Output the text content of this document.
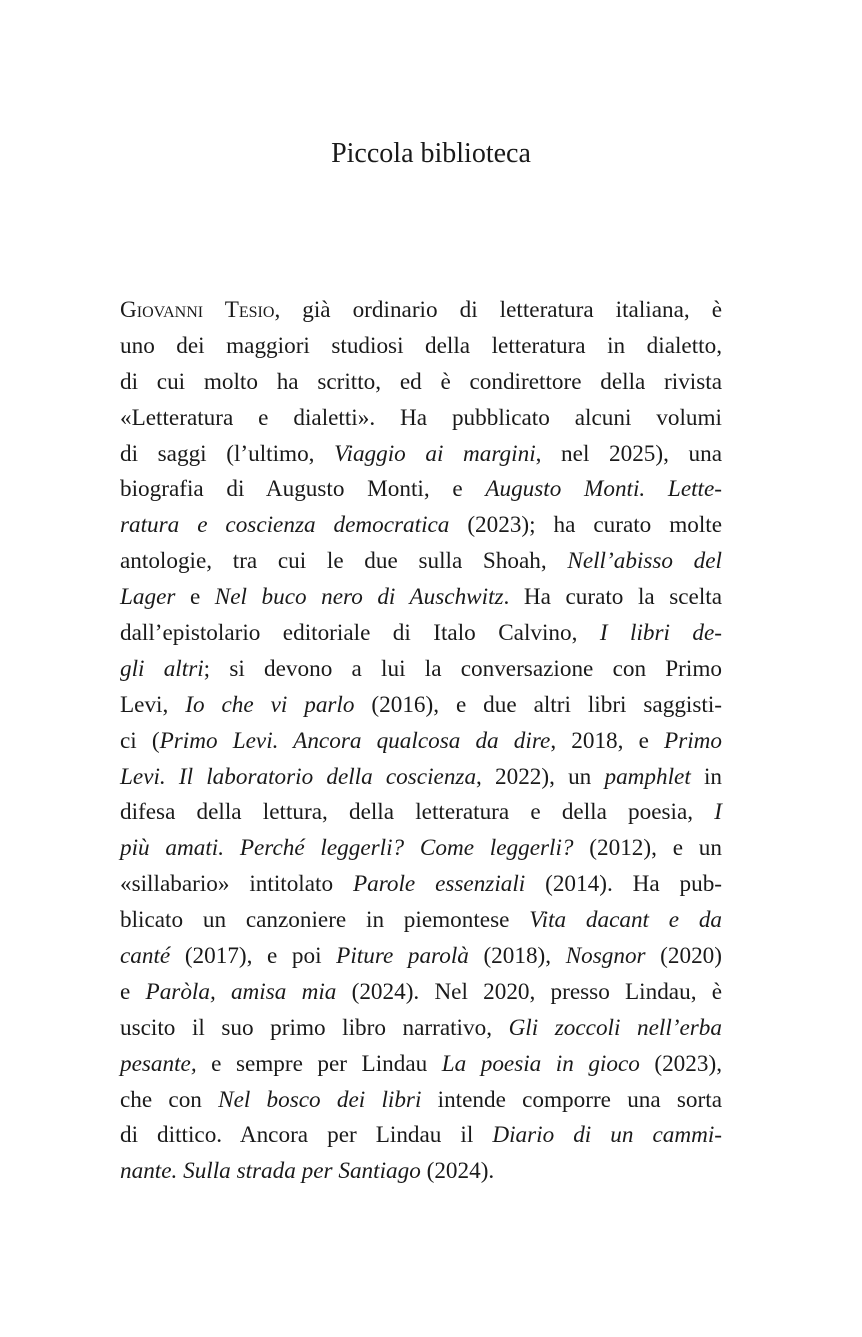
Piccola biblioteca
Giovanni Tesio, già ordinario di letteratura italiana, è
uno dei maggiori studiosi della letteratura in dialetto,
di cui molto ha scritto, ed è condirettore della rivista
«Letteratura e dialetti». Ha pubblicato alcuni volumi
di saggi (l’ultimo, Viaggio ai margini, nel 2025), una
biografia di Augusto Monti, e Augusto Monti. Lette-
ratura e coscienza democratica (2023); ha curato molte
antologie, tra cui le due sulla Shoah, Nell’abisso del
Lager e Nel buco nero di Auschwitz. Ha curato la scelta
dall’epistolario editoriale di Italo Calvino, I libri de-
gli altri; si devono a lui la conversazione con Primo
Levi, Io che vi parlo (2016), e due altri libri saggisti-
ci (Primo Levi. Ancora qualcosa da dire, 2018, e Primo
Levi. Il laboratorio della coscienza, 2022), un pamphlet in
difesa della lettura, della letteratura e della poesia, I
più amati. Perché leggerli? Come leggerli? (2012), e un
«sillabario» intitolato Parole essenziali (2014). Ha pub-
blicato un canzoniere in piemontese Vita dacant e da
canté (2017), e poi Piture parolà (2018), Nosgnor (2020)
e Paròla, amisa mia (2024). Nel 2020, presso Lindau, è
uscito il suo primo libro narrativo, Gli zoccoli nell’erba
pesante, e sempre per Lindau La poesia in gioco (2023),
che con Nel bosco dei libri intende comporre una sorta
di dittico. Ancora per Lindau il Diario di un cammi-
nante. Sulla strada per Santiago (2024).
